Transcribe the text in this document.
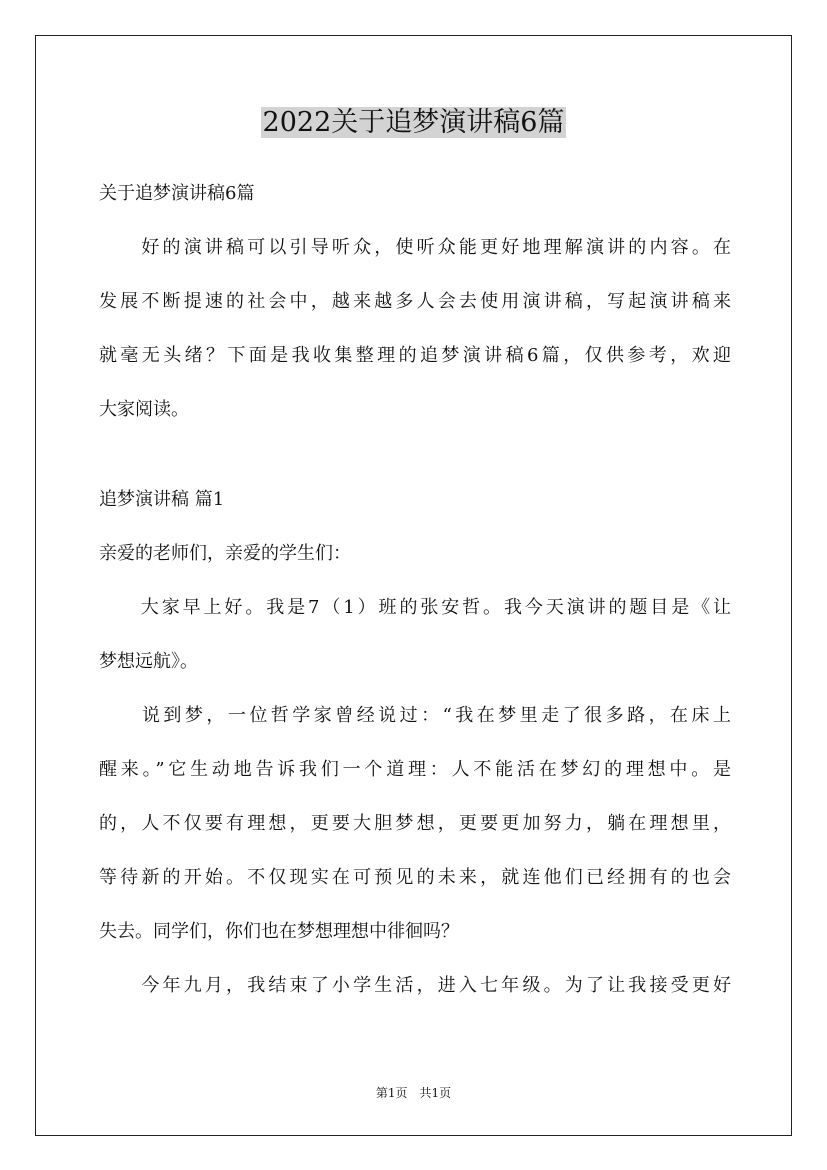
2022关于追梦演讲稿6篇
关于追梦演讲稿6篇
　　好的演讲稿可以引导听众，使听众能更好地理解演讲的内容。在
发展不断提速的社会中，越来越多人会去使用演讲稿，写起演讲稿来
就毫无头绪？下面是我收集整理的追梦演讲稿6篇，仅供参考，欢迎
大家阅读。
追梦演讲稿 篇1
亲爱的老师们，亲爱的学生们：
　　大家早上好。我是7（1）班的张安哲。我今天演讲的题目是《让
梦想远航》。
　　说到梦，一位哲学家曾经说过：“我在梦里走了很多路，在床上
醒来。”它生动地告诉我们一个道理：人不能活在梦幻的理想中。是
的，人不仅要有理想，更要大胆梦想，更要更加努力，躺在理想里，
等待新的开始。不仅现实在可预见的未来，就连他们已经拥有的也会
失去。同学们，你们也在梦想理想中徘徊吗？
　　今年九月，我结束了小学生活，进入七年级。为了让我接受更好
第1页　共1页
